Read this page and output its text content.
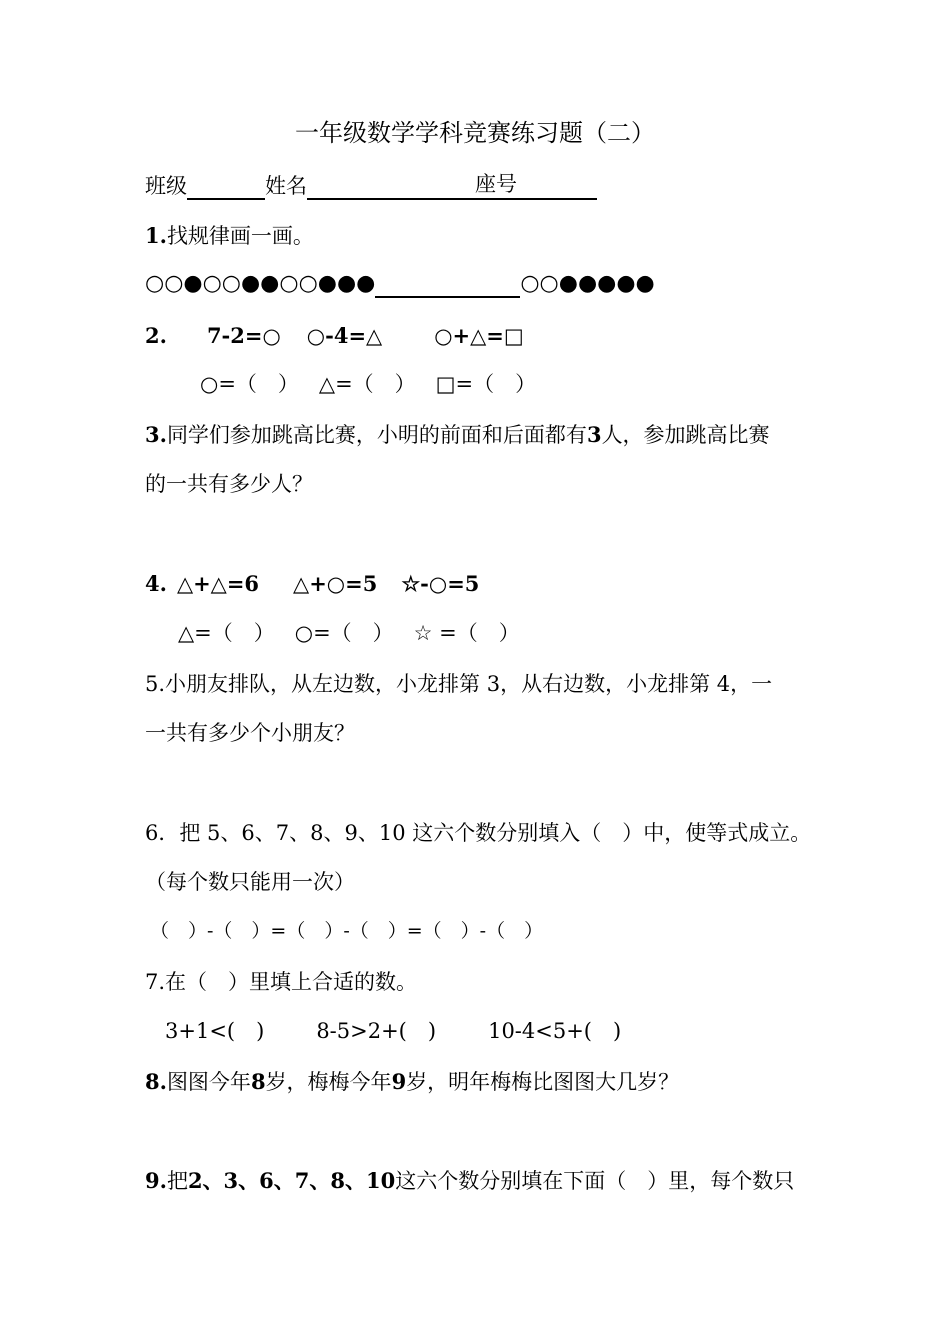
一年级数学学科竞赛练习题（二）
班级	姓名	座号
1.找规律画一画。
○○●○○●●○○●●●	○○●●●●●
2. 7-2=○ ○-4=△ ○+△=□
○=（　） △=（　） □=（　）
3.同学们参加跳高比赛，小明的前面和后面都有3人，参加跳高比赛
的一共有多少人？
4. △+△=6 △+○=5 ☆-○=5
△=（　） ○=（　） ☆ =（　）
5.小朋友排队，从左边数，小龙排第 3，从右边数，小龙排第 4，一
一共有多少个小朋友？
6．把 5、6、7、8、9、10 这六个数分别填入（　）中，使等式成立。
（每个数只能用一次）
（　）-（　）=（　）-（　）=（　）-（　）
7.在（　）里填上合适的数。
3+1<(　) 8-5>2+(　) 10-4<5+(　)
8.图图今年8岁，梅梅今年9岁，明年梅梅比图图大几岁？
9.把2、3、6、7、8、10这六个数分别填在下面（　）里，每个数只
